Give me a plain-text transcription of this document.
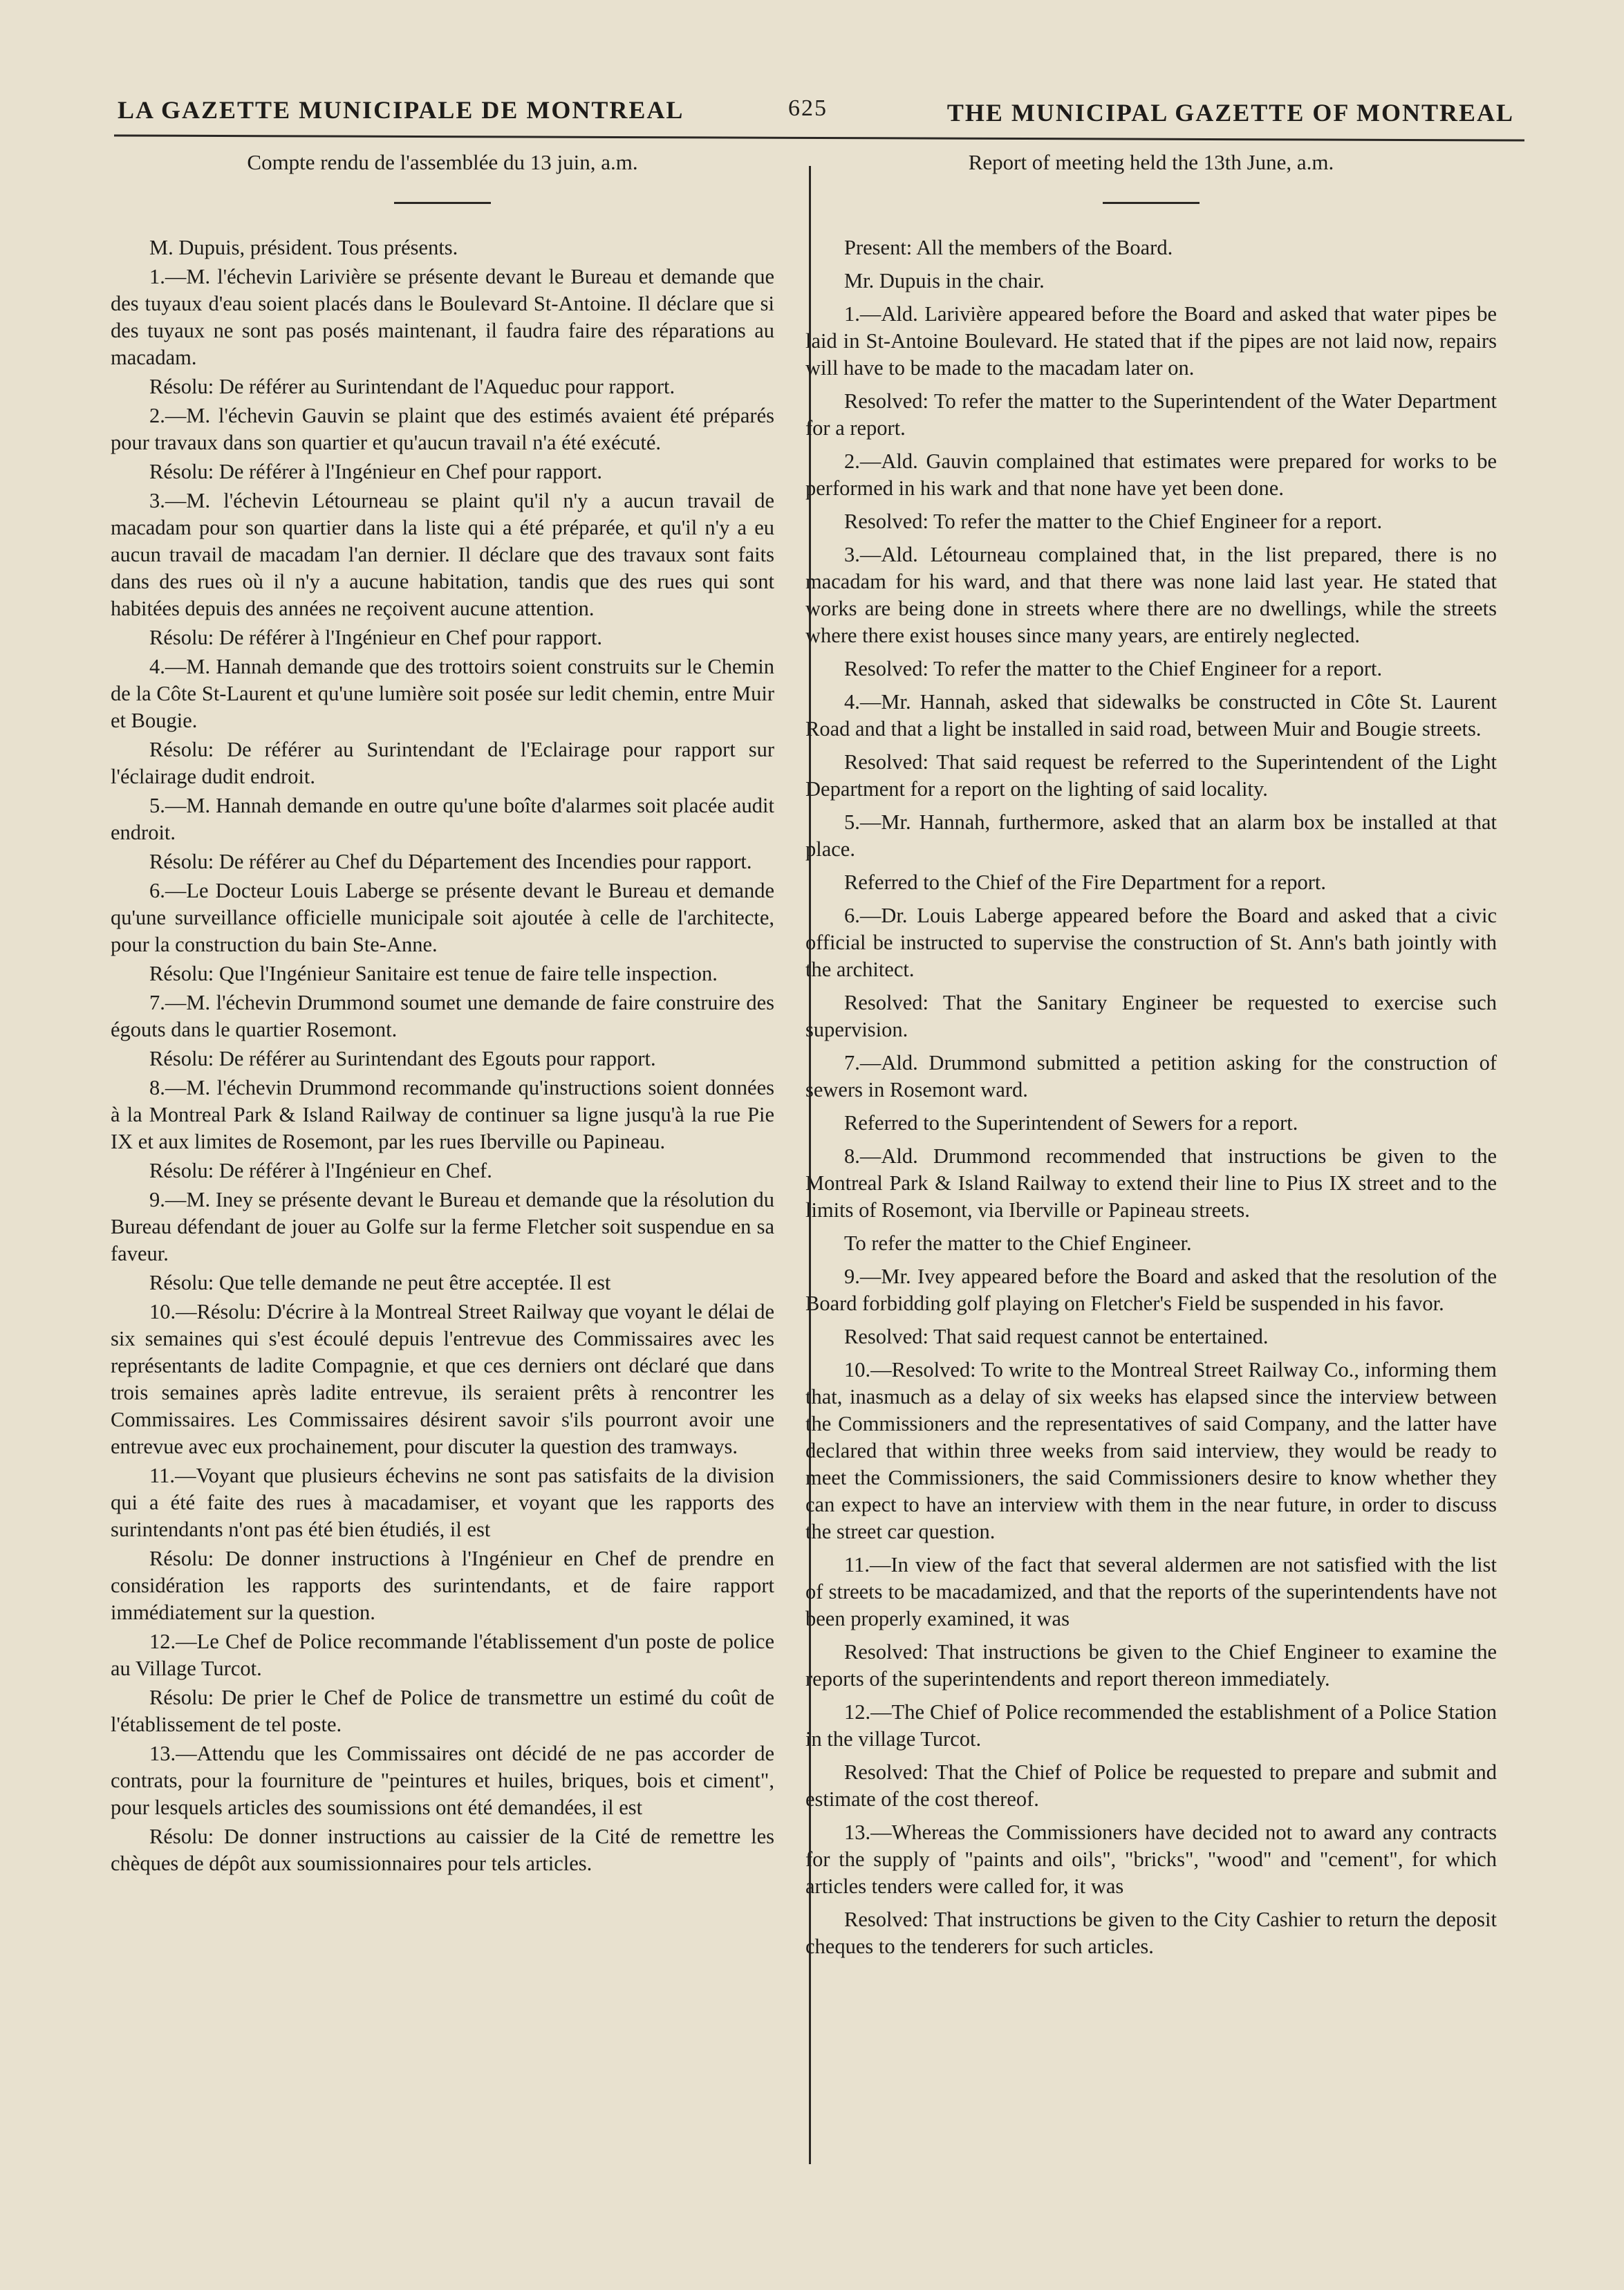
LA GAZETTE MUNICIPALE DE MONTREAL	625	THE MUNICIPAL GAZETTE OF MONTREAL
Compte rendu de l'assemblée du 13 juin, a.m.

M. Dupuis, président. Tous présents.

1.—M. l'échevin Larivière se présente devant le Bureau et demande que des tuyaux d'eau soient placés dans le Boulevard St-Antoine. Il déclare que si des tuyaux ne sont pas posés maintenant, il faudra faire des réparations au macadam.

Résolu: De référer au Surintendant de l'Aqueduc pour rapport.

2.—M. l'échevin Gauvin se plaint que des estimés avaient été préparés pour travaux dans son quartier et qu'aucun travail n'a été exécuté.

Résolu: De référer à l'Ingénieur en Chef pour rapport.

3.—M. l'échevin Létourneau se plaint qu'il n'y a aucun travail de macadam pour son quartier dans la liste qui a été préparée, et qu'il n'y a eu aucun travail de macadam l'an dernier. Il déclare que des travaux sont faits dans des rues où il n'y a aucune habitation, tandis que des rues qui sont habitées depuis des années ne reçoivent aucune attention.

Résolu: De référer à l'Ingénieur en Chef pour rapport.

4.—M. Hannah demande que des trottoirs soient construits sur le Chemin de la Côte St-Laurent et qu'une lumière soit posée sur ledit chemin, entre Muir et Bougie.

Résolu: De référer au Surintendant de l'Eclairage pour rapport sur l'éclairage dudit endroit.

5.—M. Hannah demande en outre qu'une boîte d'alarmes soit placée audit endroit.

Résolu: De référer au Chef du Département des Incendies pour rapport.

6.—Le Docteur Louis Laberge se présente devant le Bureau et demande qu'une surveillance officielle municipale soit ajoutée à celle de l'architecte, pour la construction du bain Ste-Anne.

Résolu: Que l'Ingénieur Sanitaire est tenue de faire telle inspection.

7.—M. l'échevin Drummond soumet une demande de faire construire des égouts dans le quartier Rosemont.

Résolu: De référer au Surintendant des Egouts pour rapport.

8.—M. l'échevin Drummond recommande qu'instructions soient données à la Montreal Park & Island Railway de continuer sa ligne jusqu'à la rue Pie IX et aux limites de Rosemont, par les rues Iberville ou Papineau.

Résolu: De référer à l'Ingénieur en Chef.

9.—M. Iney se présente devant le Bureau et demande que la résolution du Bureau défendant de jouer au Golfe sur la ferme Fletcher soit suspendue en sa faveur.

Résolu: Que telle demande ne peut être acceptée. Il est

10.—Résolu: D'écrire à la Montreal Street Railway que voyant le délai de six semaines qui s'est écoulé depuis l'entrevue des Commissaires avec les représentants de ladite Compagnie, et que ces derniers ont déclaré que dans trois semaines après ladite entrevue, ils seraient prêts à rencontrer les Commissaires. Les Commissaires désirent savoir s'ils pourront avoir une entrevue avec eux prochainement, pour discuter la question des tramways.

11.—Voyant que plusieurs échevins ne sont pas satisfaits de la division qui a été faite des rues à macadamiser, et voyant que les rapports des surintendants n'ont pas été bien étudiés, il est

Résolu: De donner instructions à l'Ingénieur en Chef de prendre en considération les rapports des surintendants, et de faire rapport immédiatement sur la question.

12.—Le Chef de Police recommande l'établissement d'un poste de police au Village Turcot.

Résolu: De prier le Chef de Police de transmettre un estimé du coût de l'établissement de tel poste.

13.—Attendu que les Commissaires ont décidé de ne pas accorder de contrats, pour la fourniture de "peintures et huiles, briques, bois et ciment", pour lesquels articles des soumissions ont été demandées, il est

Résolu: De donner instructions au caissier de la Cité de remettre les chèques de dépôt aux soumissionnaires pour tels articles.

Report of meeting held the 13th June, a.m.

Present: All the members of the Board.

Mr. Dupuis in the chair.

1.—Ald. Larivière appeared before the Board and asked that water pipes be laid in St-Antoine Boulevard. He stated that if the pipes are not laid now, repairs will have to be made to the macadam later on.

Resolved: To refer the matter to the Superintendent of the Water Department for a report.

2.—Ald. Gauvin complained that estimates were prepared for works to be performed in his wark and that none have yet been done.

Resolved: To refer the matter to the Chief Engineer for a report.

3.—Ald. Létourneau complained that, in the list prepared, there is no macadam for his ward, and that there was none laid last year. He stated that works are being done in streets where there are no dwellings, while the streets where there exist houses since many years, are entirely neglected.

Resolved: To refer the matter to the Chief Engineer for a report.

4.—Mr. Hannah, asked that sidewalks be constructed in Côte St. Laurent Road and that a light be installed in said road, between Muir and Bougie streets.

Resolved: That said request be referred to the Superintendent of the Light Department for a report on the lighting of said locality.

5.—Mr. Hannah, furthermore, asked that an alarm box be installed at that place.

Referred to the Chief of the Fire Department for a report.

6.—Dr. Louis Laberge appeared before the Board and asked that a civic official be instructed to supervise the construction of St. Ann's bath jointly with the architect.

Resolved: That the Sanitary Engineer be requested to exercise such supervision.

7.—Ald. Drummond submitted a petition asking for the construction of sewers in Rosemont ward.

Referred to the Superintendent of Sewers for a report.

8.—Ald. Drummond recommended that instructions be given to the Montreal Park & Island Railway to extend their line to Pius IX street and to the limits of Rosemont, via Iberville or Papineau streets.

To refer the matter to the Chief Engineer.

9.—Mr. Ivey appeared before the Board and asked that the resolution of the Board forbidding golf playing on Fletcher's Field be suspended in his favor.

Resolved: That said request cannot be entertained.

10.—Resolved: To write to the Montreal Street Railway Co., informing them that, inasmuch as a delay of six weeks has elapsed since the interview between the Commissioners and the representatives of said Company, and the latter have declared that within three weeks from said interview, they would be ready to meet the Commissioners, the said Commissioners desire to know whether they can expect to have an interview with them in the near future, in order to discuss the street car question.

11.—In view of the fact that several aldermen are not satisfied with the list of streets to be macadamized, and that the reports of the superintendents have not been properly examined, it was

Resolved: That instructions be given to the Chief Engineer to examine the reports of the superintendents and report thereon immediately.

12.—The Chief of Police recommended the establishment of a Police Station in the village Turcot.

Resolved: That the Chief of Police be requested to prepare and submit and estimate of the cost thereof.

13.—Whereas the Commissioners have decided not to award any contracts for the supply of "paints and oils", "bricks", "wood" and "cement", for which articles tenders were called for, it was

Resolved: That instructions be given to the City Cashier to return the deposit cheques to the tenderers for such articles.
